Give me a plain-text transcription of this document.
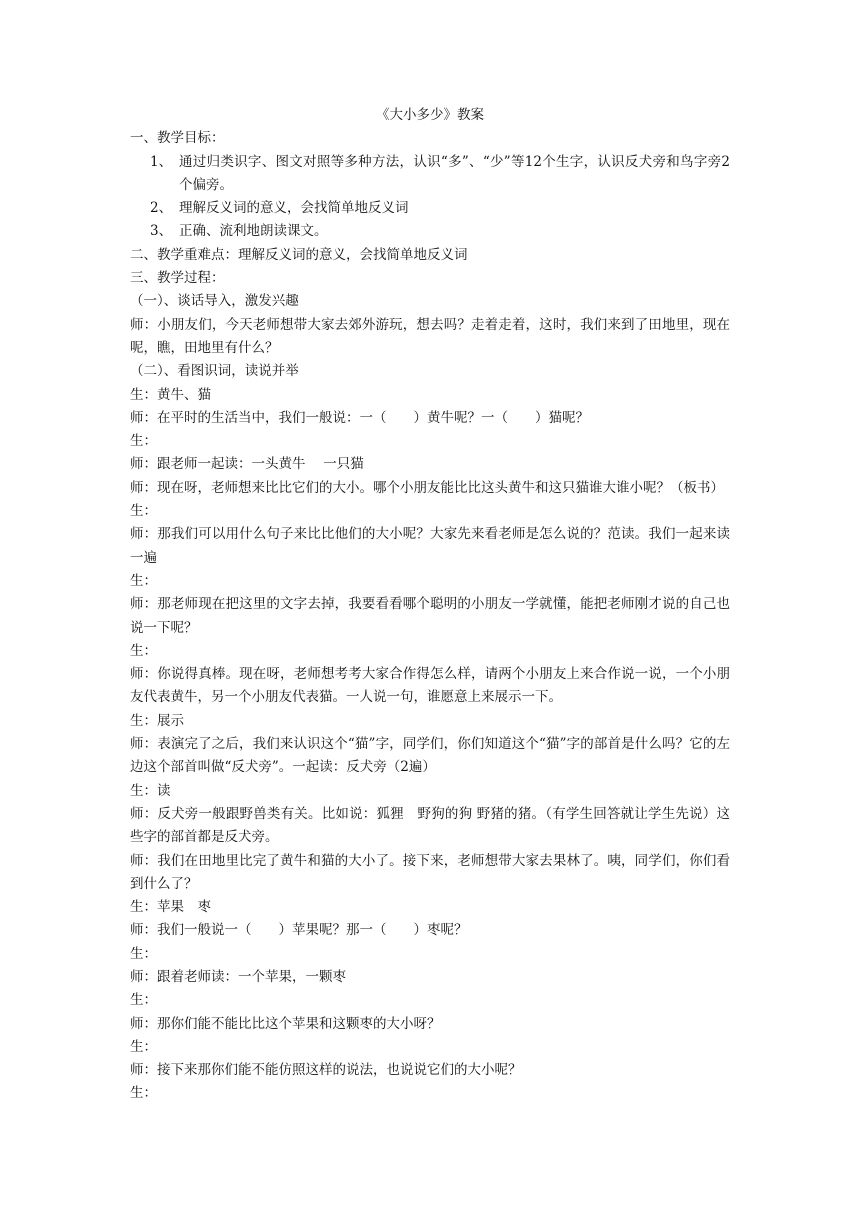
《大小多少》教案

一、教学目标：

1、 通过归类识字、图文对照等多种方法，认识“多”、“少”等12个生字，认识反犬旁和鸟字旁2个偏旁。
2、 理解反义词的意义，会找简单地反义词
3、 正确、流利地朗读课文。

二、教学重难点：理解反义词的意义，会找简单地反义词

三、教学过程：

（一）、谈话导入，激发兴趣

师：小朋友们，今天老师想带大家去郊外游玩，想去吗？走着走着，这时，我们来到了田地里，现在呢，瞧，田地里有什么？

（二）、看图识词，读说并举

生：黄牛、猫

师：在平时的生活当中，我们一般说：一（　　）黄牛呢？一（　　）猫呢？

生：

师：跟老师一起读：一头黄牛　 一只猫

师：现在呀，老师想来比比它们的大小。哪个小朋友能比比这头黄牛和这只猫谁大谁小呢？（板书）

生：

师：那我们可以用什么句子来比比他们的大小呢？大家先来看老师是怎么说的？范读。我们一起来读一遍

生：

师：那老师现在把这里的文字去掉，我要看看哪个聪明的小朋友一学就懂，能把老师刚才说的自己也说一下呢？

生：

师：你说得真棒。现在呀，老师想考考大家合作得怎么样，请两个小朋友上来合作说一说，一个小朋友代表黄牛，另一个小朋友代表猫。一人说一句，谁愿意上来展示一下。

生：展示

师：表演完了之后，我们来认识这个“猫”字，同学们，你们知道这个“猫”字的部首是什么吗？它的左边这个部首叫做“反犬旁”。一起读：反犬旁（2遍）

生：读

师：反犬旁一般跟野兽类有关。比如说：狐狸　野狗的狗 野猪的猪。（有学生回答就让学生先说）这些字的部首都是反犬旁。

师：我们在田地里比完了黄牛和猫的大小了。接下来，老师想带大家去果林了。咦，同学们，你们看到什么了？

生：苹果　枣

师：我们一般说一（　　）苹果呢？那一（　　）枣呢？

生：

师：跟着老师读：一个苹果，一颗枣

生：

师：那你们能不能比比这个苹果和这颗枣的大小呀？

生：

师：接下来那你们能不能仿照这样的说法，也说说它们的大小呢？

生：
